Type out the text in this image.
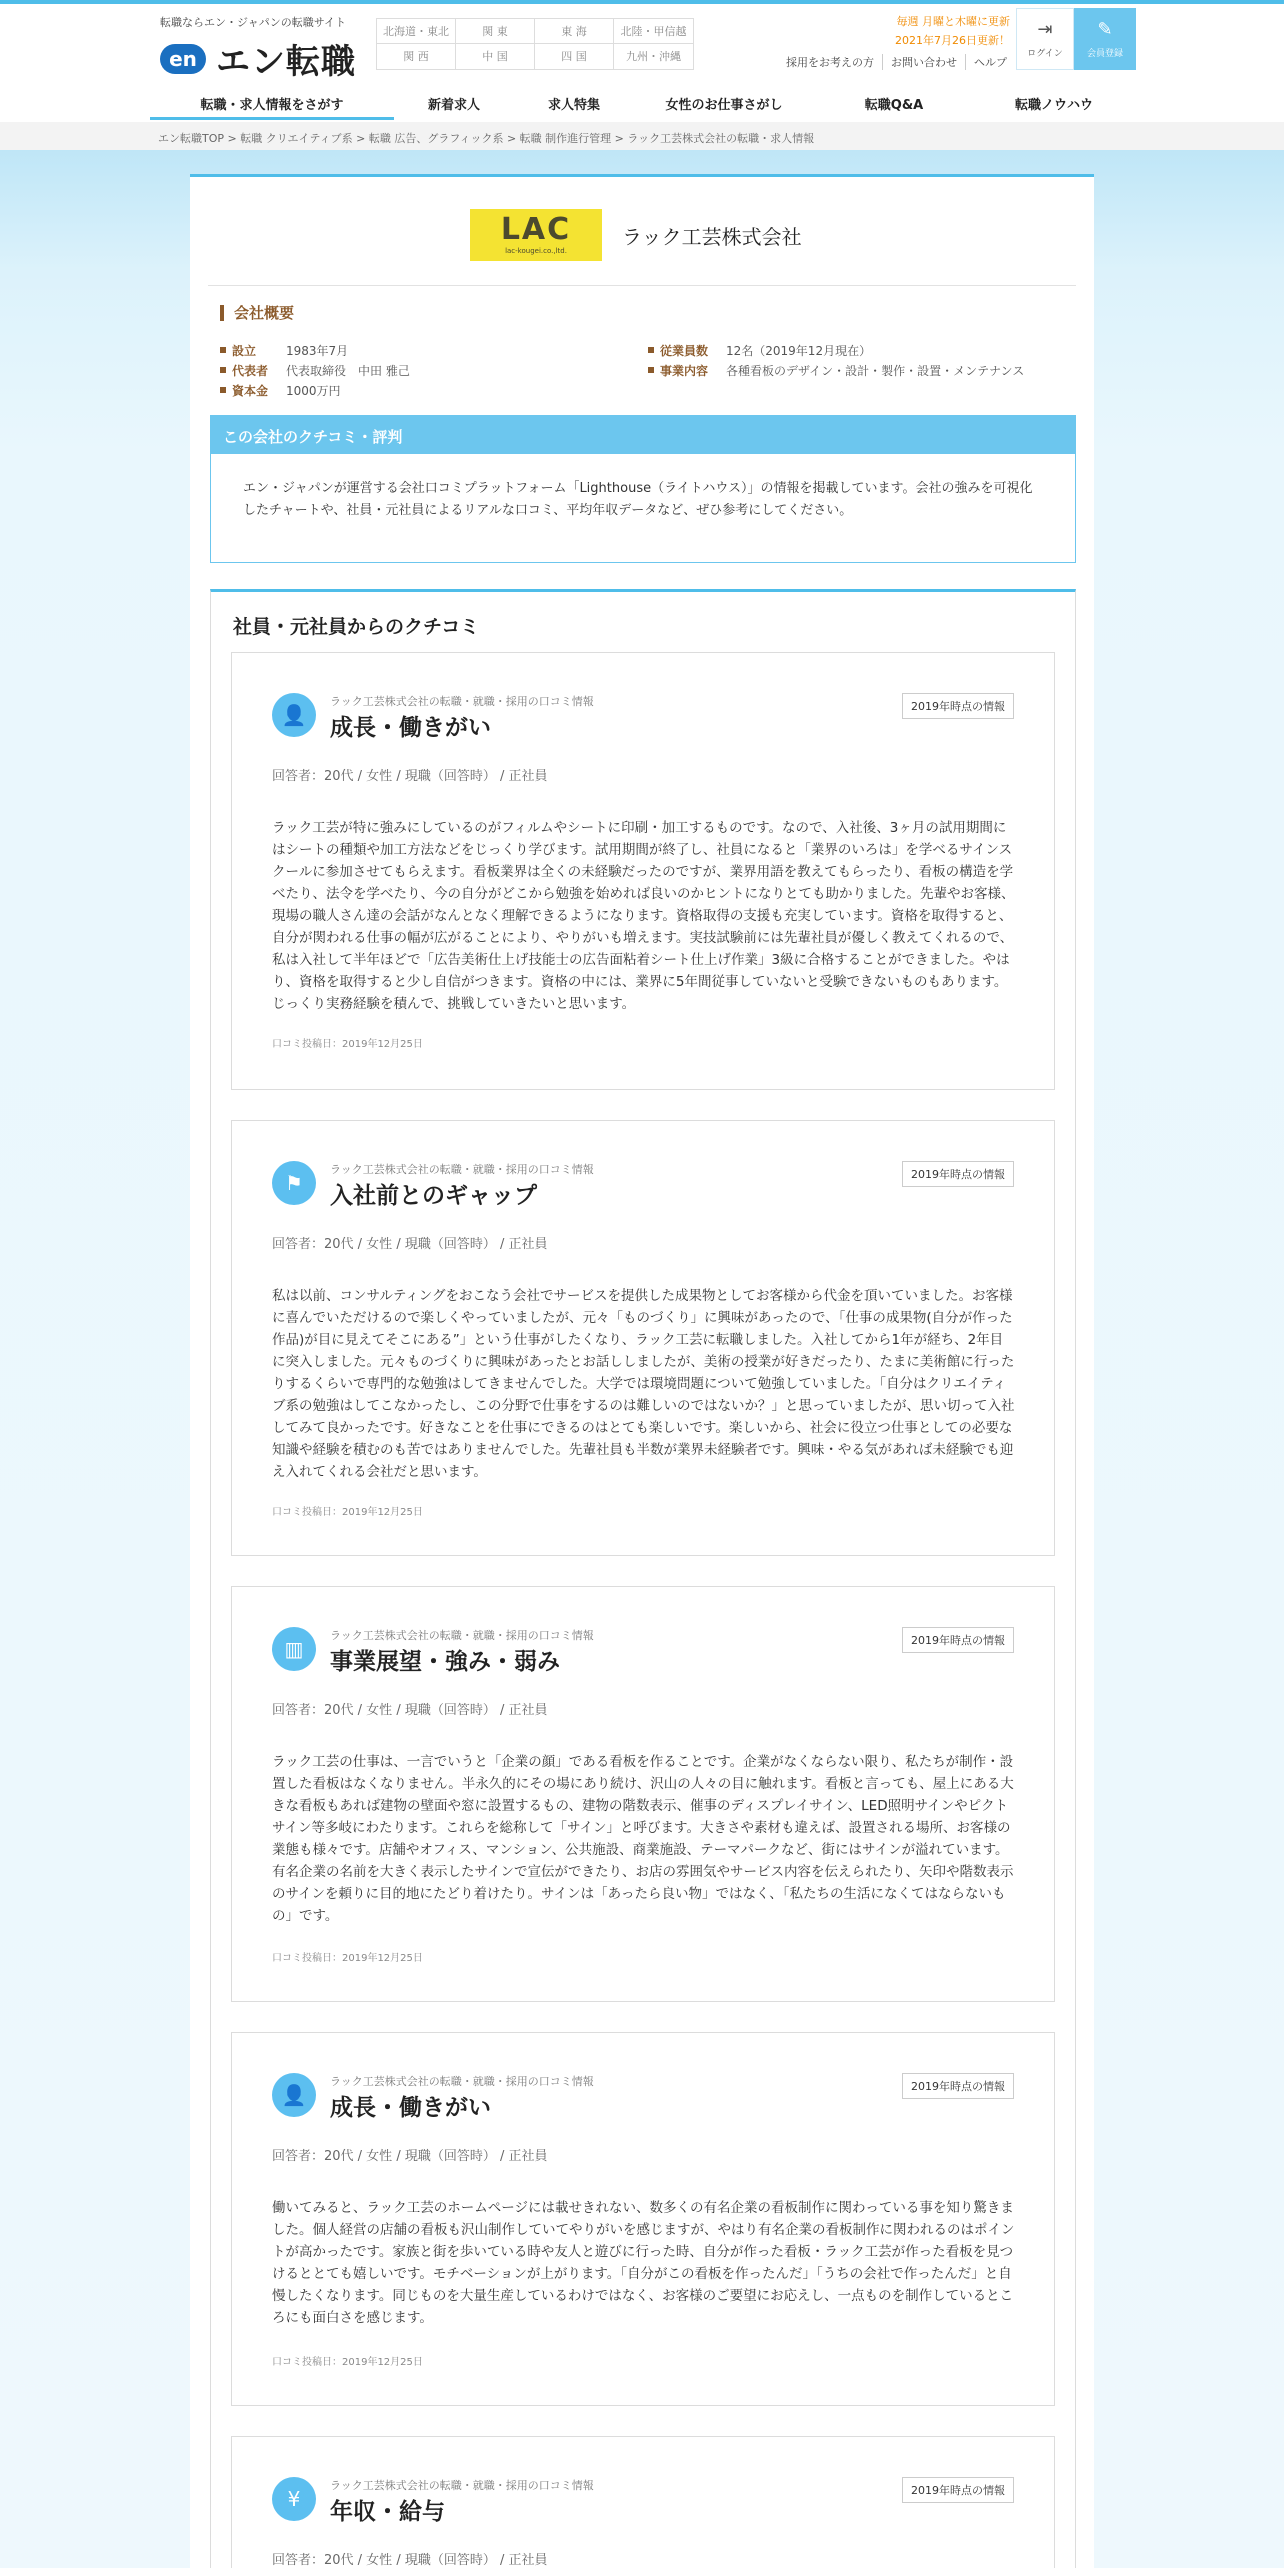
転職ならエン・ジャパンの転職サイト
en エン転職
北海道・東北	関 東	東 海	北陸・甲信越
関 西	中 国	四 国	九州・沖縄
毎週 月曜と木曜に更新
2021年7月26日更新！
採用をお考えの方	お問い合わせ	ヘルプ
⇥
ログイン
✎
会員登録
転職・求人情報をさがす	新着求人	求人特集	女性のお仕事さがし	転職Q&A	転職ノウハウ
エン転職TOP > 転職 クリエイティブ系 > 転職 広告、グラフィック系 > 転職 制作進行管理 > ラック工芸株式会社の転職・求人情報
LAC
lac-kougei.co.,ltd.
ラック工芸株式会社
会社概要
設立	1983年7月
代表者	代表取締役　中田 雅己
資本金	1000万円
従業員数	12名（2019年12月現在）
事業内容	各種看板のデザイン・設計・製作・設置・メンテナンス
この会社のクチコミ・評判
エン・ジャパンが運営する会社口コミプラットフォーム「Lighthouse（ライトハウス）」の情報を掲載しています。会社の強みを可視化したチャートや、社員・元社員によるリアルな口コミ、平均年収データなど、ぜひ参考にしてください。
社員・元社員からのクチコミ
👤
ラック工芸株式会社の転職・就職・採用の口コミ情報
成長・働きがい
2019年時点の情報
回答者：20代 / 女性 / 現職（回答時） / 正社員
ラック工芸が特に強みにしているのがフィルムやシートに印刷・加工するものです。なので、入社後、3ヶ月の試用期間にはシートの種類や加工方法などをじっくり学びます。試用期間が終了し、社員になると「業界のいろは」を学べるサインスクールに参加させてもらえます。看板業界は全くの未経験だったのですが、業界用語を教えてもらったり、看板の構造を学べたり、法令を学べたり、今の自分がどこから勉強を始めれば良いのかヒントになりとても助かりました。先輩やお客様、現場の職人さん達の会話がなんとなく理解できるようになります。資格取得の支援も充実しています。資格を取得すると、自分が関われる仕事の幅が広がることにより、やりがいも増えます。実技試験前には先輩社員が優しく教えてくれるので、私は入社して半年ほどで「広告美術仕上げ技能士の広告面粘着シート仕上げ作業」3級に合格することができました。やはり、資格を取得すると少し自信がつきます。資格の中には、業界に5年間従事していないと受験できないものもあります。じっくり実務経験を積んで、挑戦していきたいと思います。
口コミ投稿日：2019年12月25日
⚑
ラック工芸株式会社の転職・就職・採用の口コミ情報
入社前とのギャップ
2019年時点の情報
回答者：20代 / 女性 / 現職（回答時） / 正社員
私は以前、コンサルティングをおこなう会社でサービスを提供した成果物としてお客様から代金を頂いていました。お客様に喜んでいただけるので楽しくやっていましたが、元々「ものづくり」に興味があったので、「仕事の成果物(自分が作った作品)が目に見えてそこにある”」という仕事がしたくなり、ラック工芸に転職しました。入社してから1年が経ち、2年目に突入しました。元々ものづくりに興味があったとお話ししましたが、美術の授業が好きだったり、たまに美術館に行ったりするくらいで専門的な勉強はしてきませんでした。大学では環境問題について勉強していました。「自分はクリエイティブ系の勉強はしてこなかったし、この分野で仕事をするのは難しいのではないか？」と思っていましたが、思い切って入社してみて良かったです。好きなことを仕事にできるのはとても楽しいです。楽しいから、社会に役立つ仕事としての必要な知識や経験を積むのも苦ではありませんでした。先輩社員も半数が業界未経験者です。興味・やる気があれば未経験でも迎え入れてくれる会社だと思います。
口コミ投稿日：2019年12月25日
▥
ラック工芸株式会社の転職・就職・採用の口コミ情報
事業展望・強み・弱み
2019年時点の情報
回答者：20代 / 女性 / 現職（回答時） / 正社員
ラック工芸の仕事は、一言でいうと「企業の顔」である看板を作ることです。企業がなくならない限り、私たちが制作・設置した看板はなくなりません。半永久的にその場にあり続け、沢山の人々の目に触れます。看板と言っても、屋上にある大きな看板もあれば建物の壁面や窓に設置するもの、建物の階数表示、催事のディスプレイサイン、LED照明サインやピクトサイン等多岐にわたります。これらを総称して「サイン」と呼びます。大きさや素材も違えば、設置される場所、お客様の業態も様々です。店舗やオフィス、マンション、公共施設、商業施設、テーマパークなど、街にはサインが溢れています。有名企業の名前を大きく表示したサインで宣伝ができたり、お店の雰囲気やサービス内容を伝えられたり、矢印や階数表示のサインを頼りに目的地にたどり着けたり。サインは「あったら良い物」ではなく、「私たちの生活になくてはならないもの」です。
口コミ投稿日：2019年12月25日
👤
ラック工芸株式会社の転職・就職・採用の口コミ情報
成長・働きがい
2019年時点の情報
回答者：20代 / 女性 / 現職（回答時） / 正社員
働いてみると、ラック工芸のホームページには載せきれない、数多くの有名企業の看板制作に関わっている事を知り驚きました。個人経営の店舗の看板も沢山制作していてやりがいを感じますが、やはり有名企業の看板制作に関われるのはポイントが高かったです。家族と街を歩いている時や友人と遊びに行った時、自分が作った看板・ラック工芸が作った看板を見つけるととても嬉しいです。モチベーションが上がります。「自分がこの看板を作ったんだ」「うちの会社で作ったんだ」と自慢したくなります。同じものを大量生産しているわけではなく、お客様のご要望にお応えし、一点ものを制作しているところにも面白さを感じます。
口コミ投稿日：2019年12月25日
¥
ラック工芸株式会社の転職・就職・採用の口コミ情報
年収・給与
2019年時点の情報
回答者：20代 / 女性 / 現職（回答時） / 正社員
